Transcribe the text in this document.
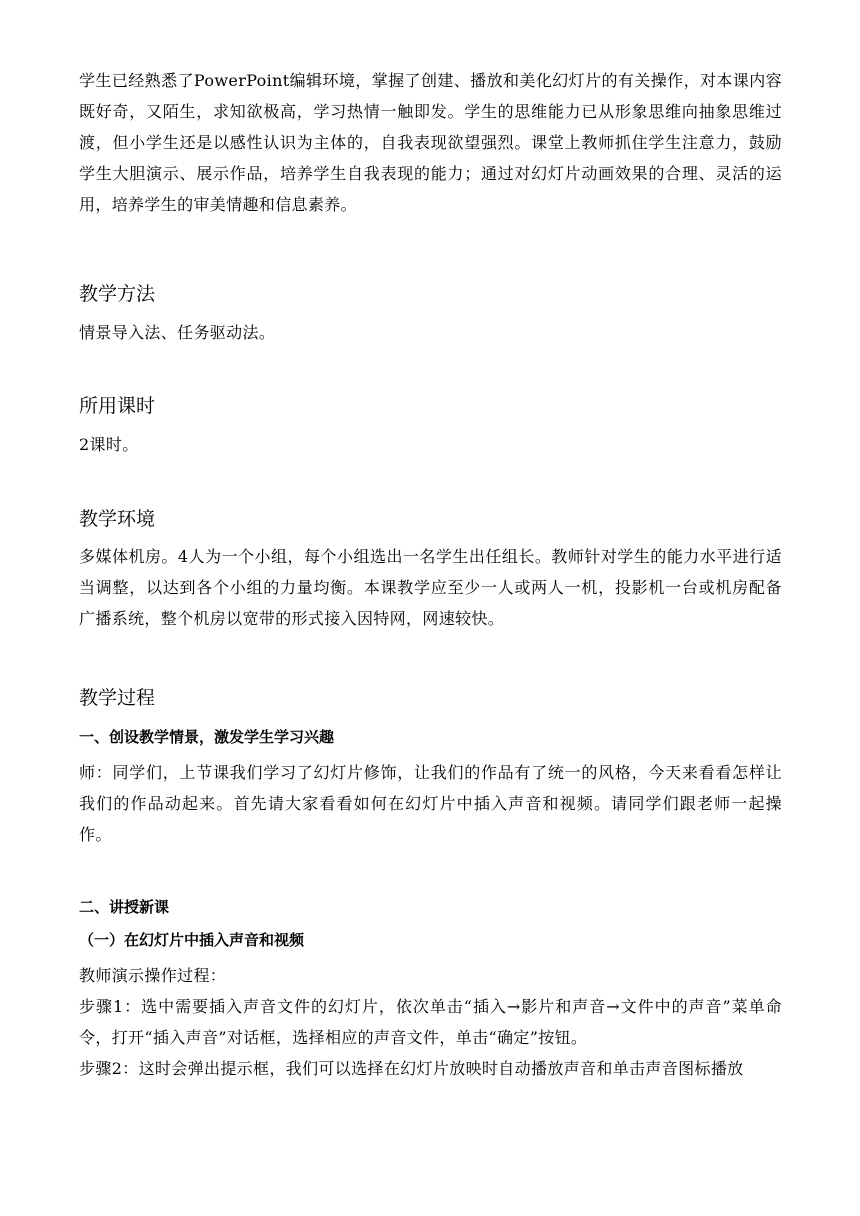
学生已经熟悉了PowerPoint编辑环境，掌握了创建、播放和美化幻灯片的有关操作，对本课内容既好奇，又陌生，求知欲极高，学习热情一触即发。学生的思维能力已从形象思维向抽象思维过渡，但小学生还是以感性认识为主体的，自我表现欲望强烈。课堂上教师抓住学生注意力，鼓励学生大胆演示、展示作品，培养学生自我表现的能力；通过对幻灯片动画效果的合理、灵活的运用，培养学生的审美情趣和信息素养。

教学方法

情景导入法、任务驱动法。

所用课时

2课时。

教学环境

多媒体机房。4人为一个小组，每个小组选出一名学生出任组长。教师针对学生的能力水平进行适当调整，以达到各个小组的力量均衡。本课教学应至少一人或两人一机，投影机一台或机房配备广播系统，整个机房以宽带的形式接入因特网，网速较快。

教学过程
一、创设教学情景，激发学生学习兴趣

师：同学们，上节课我们学习了幻灯片修饰，让我们的作品有了统一的风格，今天来看看怎样让我们的作品动起来。首先请大家看看如何在幻灯片中插入声音和视频。请同学们跟老师一起操作。

二、讲授新课
（一）在幻灯片中插入声音和视频

教师演示操作过程：

步骤1：选中需要插入声音文件的幻灯片，依次单击“插入→影片和声音→文件中的声音”菜单命令，打开“插入声音”对话框，选择相应的声音文件，单击“确定”按钮。

步骤2：这时会弹出提示框，我们可以选择在幻灯片放映时自动播放声音和单击声音图标播放
